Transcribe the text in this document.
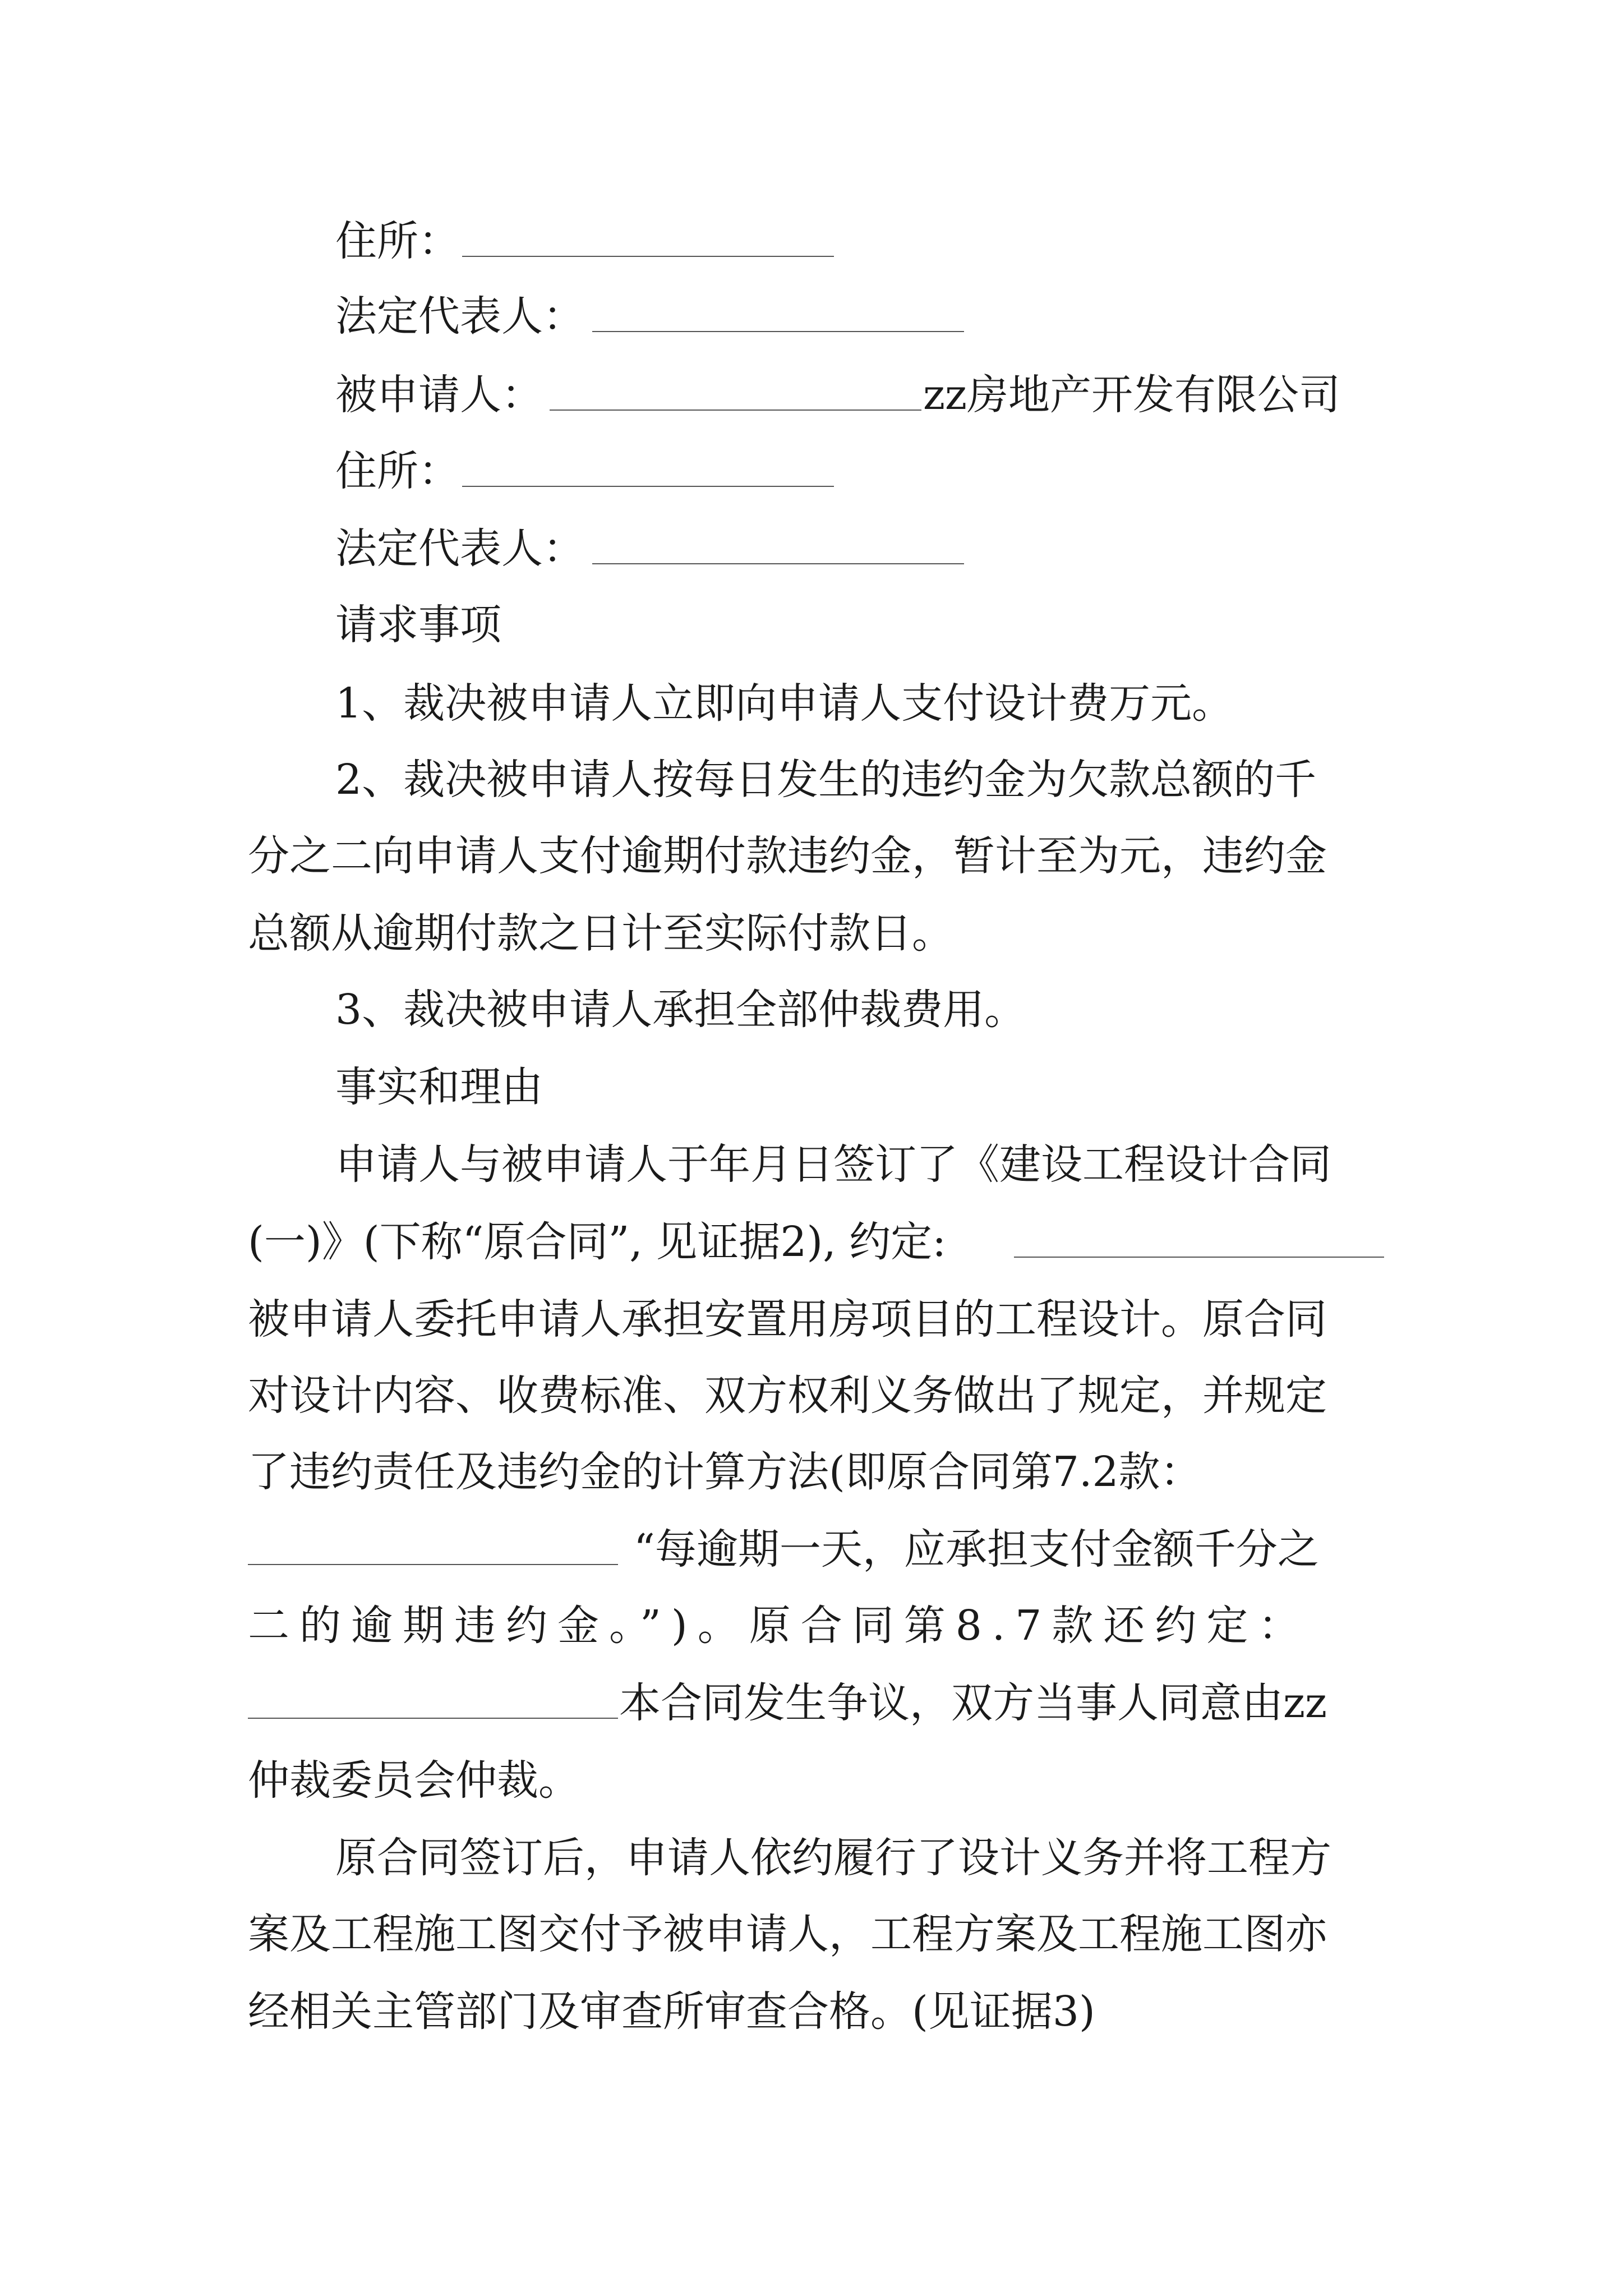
住所：
法定代表人：
被申请人：	zz房地产开发有限公司
住所：
法定代表人：
请求事项
1、裁决被申请人立即向申请人支付设计费万元。
2、裁决被申请人按每日发生的违约金为欠款总额的千
分之二向申请人支付逾期付款违约金，暂计至为元，违约金
总额从逾期付款之日计至实际付款日。
3、裁决被申请人承担全部仲裁费用。
事实和理由
申请人与被申请人于年月日签订了《建设工程设计合同
(一)》(下称“原合同”, 见证据2), 约定:
被申请人委托申请人承担安置用房项目的工程设计。原合同
对设计内容、收费标准、双方权利义务做出了规定，并规定
了违约责任及违约金的计算方法(即原合同第7.2款：
“每逾期一天，应承担支付金额千分之
二的逾期违约金。”)。原合同第8.7款还约定：
本合同发生争议，双方当事人同意由zz
仲裁委员会仲裁。
原合同签订后，申请人依约履行了设计义务并将工程方
案及工程施工图交付予被申请人，工程方案及工程施工图亦
经相关主管部门及审查所审查合格。(见证据3)
